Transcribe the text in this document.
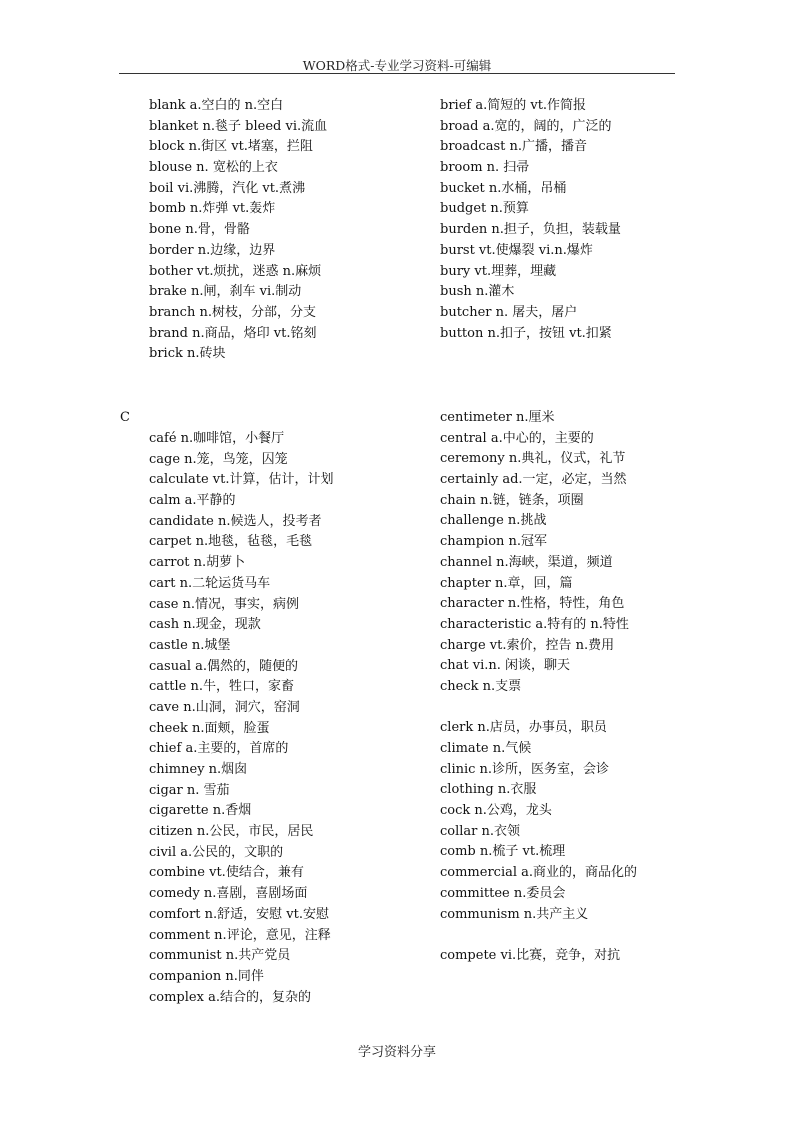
WORD格式-专业学习资料-可编辑
blank a.空白的 n.空白
blanket n.毯子 bleed vi.流血
block n.街区 vt.堵塞，拦阻
blouse n. 宽松的上衣
boil vi.沸腾，汽化 vt.煮沸
bomb n.炸弹 vt.轰炸
bone n.骨，骨骼
border n.边缘，边界
bother vt.烦扰，迷惑 n.麻烦
brake n.闸，刹车 vi.制动
branch n.树枝，分部，分支
brand n.商品，烙印 vt.铭刻
brick n.砖块
brief a.简短的 vt.作简报
broad a.宽的，阔的，广泛的
broadcast n.广播，播音
broom n. 扫帚
bucket n.水桶，吊桶
budget n.预算
burden n.担子，负担，装载量
burst vt.使爆裂 vi.n.爆炸
bury vt.埋葬，埋藏
bush n.灌木
butcher n. 屠夫，屠户
button n.扣子，按钮 vt.扣紧
C
café n.咖啡馆，小餐厅
cage n.笼，鸟笼，囚笼
calculate vt.计算，估计，计划
calm a.平静的
candidate n.候选人，投考者
carpet n.地毯，毡毯，毛毯
carrot n.胡萝卜
cart n.二轮运货马车
case n.情况，事实，病例
cash n.现金，现款
castle n.城堡
casual a.偶然的，随便的
cattle n.牛，牲口，家畜
cave n.山洞，洞穴，窑洞
cheek n.面颊，脸蛋
chief a.主要的，首席的
chimney n.烟囱
cigar n. 雪茄
cigarette n.香烟
citizen n.公民，市民，居民
civil a.公民的，文职的
combine vt.使结合，兼有
comedy n.喜剧，喜剧场面
comfort n.舒适，安慰 vt.安慰
comment n.评论，意见，注释
communist n.共产党员
companion n.同伴
complex a.结合的，复杂的
centimeter n.厘米
central a.中心的，主要的
ceremony n.典礼，仪式，礼节
certainly ad.一定，必定，当然
chain n.链，链条，项圈
challenge n.挑战
champion n.冠军
channel n.海峡，渠道，频道
chapter n.章，回，篇
character n.性格，特性，角色
characteristic a.特有的 n.特性
charge vt.索价，控告 n.费用
chat vi.n. 闲谈，聊天
check n.支票
clerk n.店员，办事员，职员
climate n.气候
clinic n.诊所，医务室，会诊
clothing n.衣服
cock n.公鸡，龙头
collar n.衣领
comb n.梳子 vt.梳理
commercial a.商业的，商品化的
committee n.委员会
communism n.共产主义
compete vi.比赛，竞争，对抗
学习资料分享
